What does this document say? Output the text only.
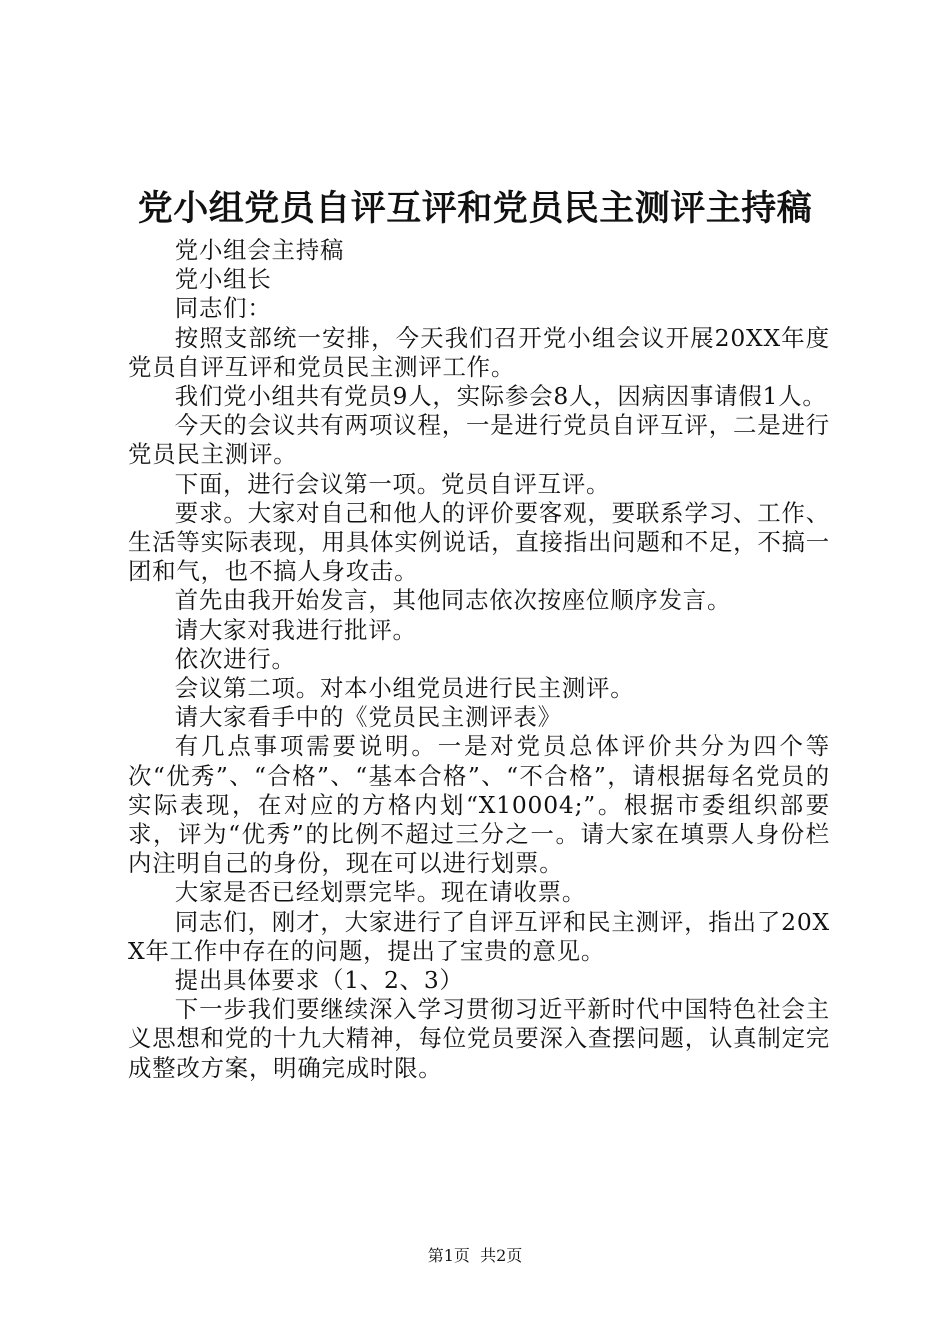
党小组党员自评互评和党员民主测评主持稿

党小组会主持稿

党小组长

同志们：

按照支部统一安排，今天我们召开党小组会议开展20XX年度党员自评互评和党员民主测评工作。

我们党小组共有党员9人，实际参会8人，因病因事请假1人。

今天的会议共有两项议程，一是进行党员自评互评，二是进行党员民主测评。

下面，进行会议第一项。党员自评互评。

要求。大家对自己和他人的评价要客观，要联系学习、工作、生活等实际表现，用具体实例说话，直接指出问题和不足，不搞一团和气，也不搞人身攻击。

首先由我开始发言，其他同志依次按座位顺序发言。

请大家对我进行批评。

依次进行。

会议第二项。对本小组党员进行民主测评。

请大家看手中的《党员民主测评表》

有几点事项需要说明。一是对党员总体评价共分为四个等次“优秀”、“合格”、“基本合格”、“不合格”，请根据每名党员的实际表现，在对应的方格内划“X10004;”。根据市委组织部要求，评为“优秀”的比例不超过三分之一。请大家在填票人身份栏内注明自己的身份，现在可以进行划票。

大家是否已经划票完毕。现在请收票。

同志们，刚才，大家进行了自评互评和民主测评，指出了20XX年工作中存在的问题，提出了宝贵的意见。

提出具体要求（1、2、3）

下一步我们要继续深入学习贯彻习近平新时代中国特色社会主义思想和党的十九大精神，每位党员要深入查摆问题，认真制定完成整改方案，明确完成时限。

第1页 共2页
